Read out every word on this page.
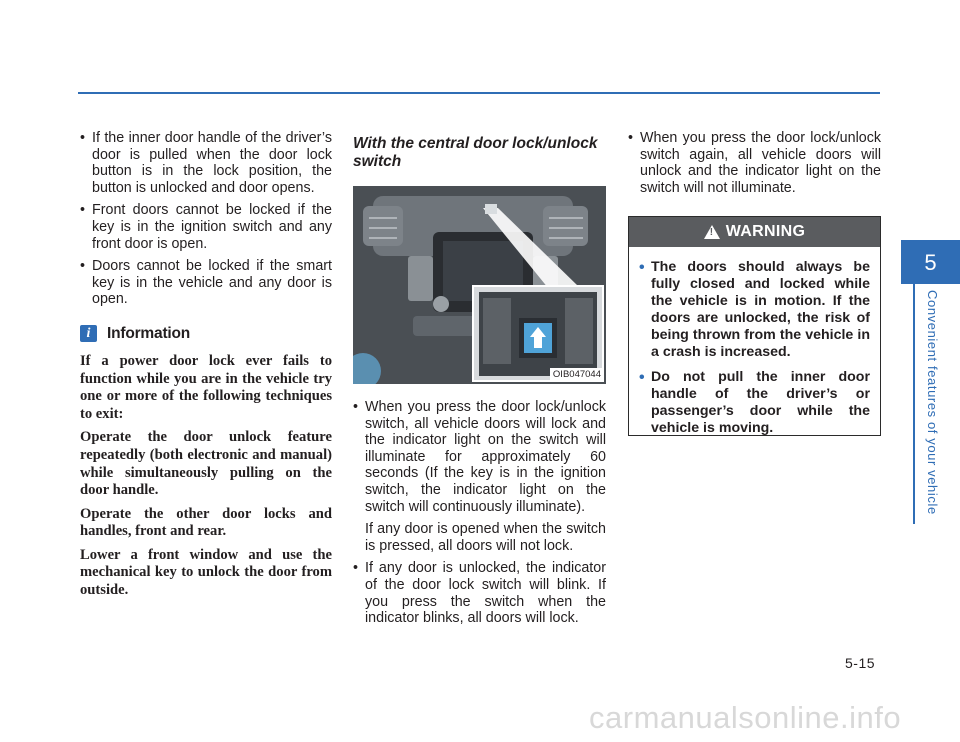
• If the inner door handle of the driver’s door is pulled when the door lock button is in the lock position, the button is unlocked and door opens.
• Front doors cannot be locked if the key is in the ignition switch and any front door is open.
• Doors cannot be locked if the smart key is in the vehicle and any door is open.
i	Information

If a power door lock ever fails to function while you are in the vehicle try one or more of the following techniques to exit:

Operate the door unlock feature repeatedly (both electronic and manual) while simultaneously pulling on the door handle.

Operate the other door locks and handles, front and rear.

Lower a front window and use the mechanical key to unlock the door from outside.

With the central door lock/unlock switch
OIB047044
• When you press the door lock/unlock switch, all vehicle doors will lock and the indicator light on the switch will illuminate for approximately 60 seconds (If the key is in the ignition switch, the indicator light on the switch will continuously illuminate).

If any door is opened when the switch is pressed, all doors will not lock.

• If any door is unlocked, the indicator of the door lock switch will blink. If you press the switch when the indicator blinks, all doors will lock.

• When you press the door lock/unlock switch again, all vehicle doors will unlock and the indicator light on the switch will not illuminate.
! WARNING
• The doors should always be fully closed and locked while the vehicle is in motion. If the doors are unlocked, the risk of being thrown from the vehicle in a crash is increased.
• Do not pull the inner door handle of the driver’s or passenger’s door while the vehicle is moving.
5
Convenient features of your vehicle
5-15
carmanualsonline.info
